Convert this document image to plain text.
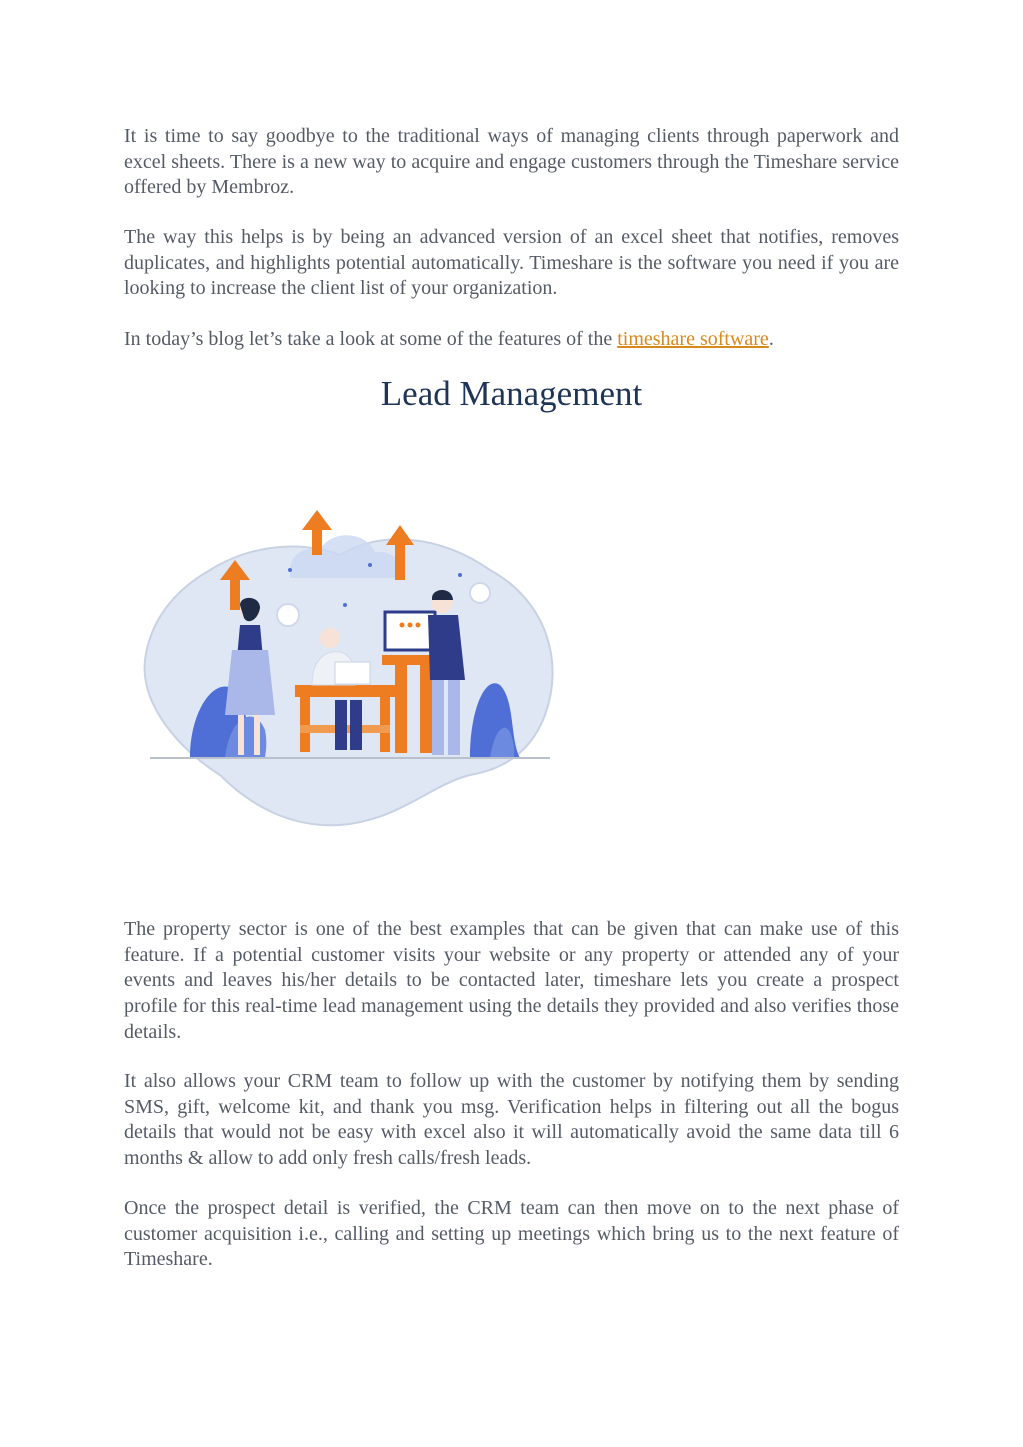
It is time to say goodbye to the traditional ways of managing clients through paperwork and excel sheets. There is a new way to acquire and engage customers through the Timeshare service offered by Membroz.

The way this helps is by being an advanced version of an excel sheet that notifies, removes duplicates, and highlights potential automatically. Timeshare is the software you need if you are looking to increase the client list of your organization.

In today’s blog let’s take a look at some of the features of the timeshare software.

Lead Management

The property sector is one of the best examples that can be given that can make use of this feature. If a potential customer visits your website or any property or attended any of your events and leaves his/her details to be contacted later, timeshare lets you create a prospect profile for this real-time lead management using the details they provided and also verifies those details.

It also allows your CRM team to follow up with the customer by notifying them by sending SMS, gift, welcome kit, and thank you msg. Verification helps in filtering out all the bogus details that would not be easy with excel also it will automatically avoid the same data till 6 months & allow to add only fresh calls/fresh leads.

Once the prospect detail is verified, the CRM team can then move on to the next phase of customer acquisition i.e., calling and setting up meetings which bring us to the next feature of Timeshare.
